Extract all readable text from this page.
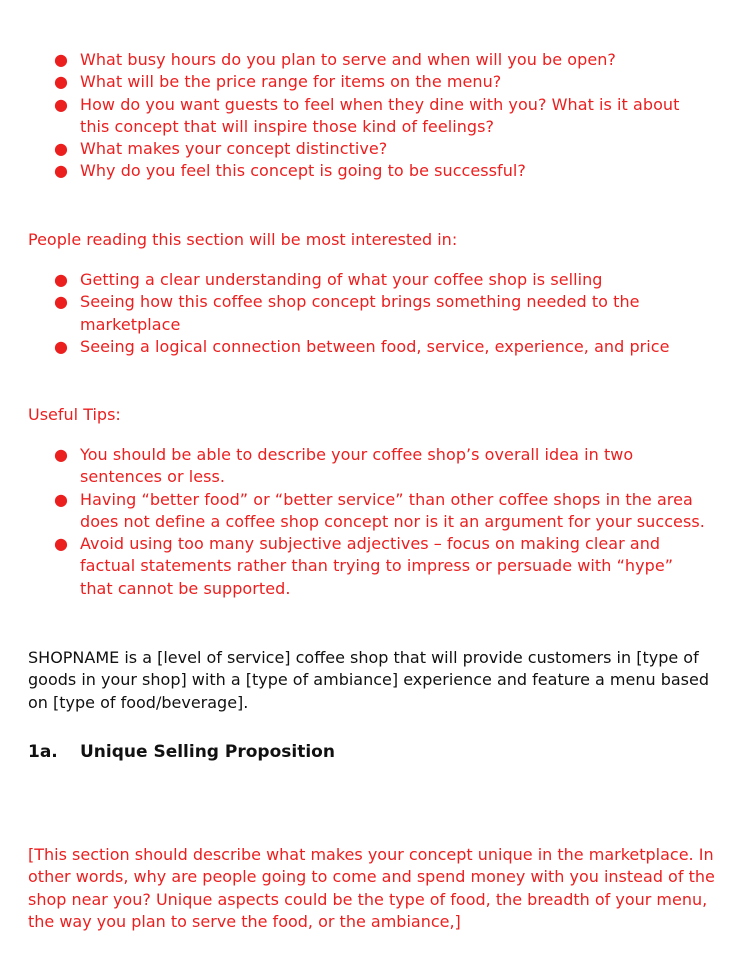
● What busy hours do you plan to serve and when will you be open?
● What will be the price range for items on the menu?
● How do you want guests to feel when they dine with you? What is it about this concept that will inspire those kind of feelings?
● What makes your concept distinctive?
● Why do you feel this concept is going to be successful?

People reading this section will be most interested in:

● Getting a clear understanding of what your coffee shop is selling
● Seeing how this coffee shop concept brings something needed to the marketplace
● Seeing a logical connection between food, service, experience, and price

Useful Tips:

● You should be able to describe your coffee shop’s overall idea in two sentences or less.
● Having “better food” or “better service” than other coffee shops in the area does not define a coffee shop concept nor is it an argument for your success.
● Avoid using too many subjective adjectives – focus on making clear and factual statements rather than trying to impress or persuade with “hype” that cannot be supported.

SHOPNAME is a [level of service] coffee shop that will provide customers in [type of goods in your shop] with a [type of ambiance] experience and feature a menu based on [type of food/beverage].

1a.	Unique Selling Proposition

[This section should describe what makes your concept unique in the marketplace. In other words, why are people going to come and spend money with you instead of the shop near you? Unique aspects could be the type of food, the breadth of your menu, the way you plan to serve the food, or the ambiance,]
